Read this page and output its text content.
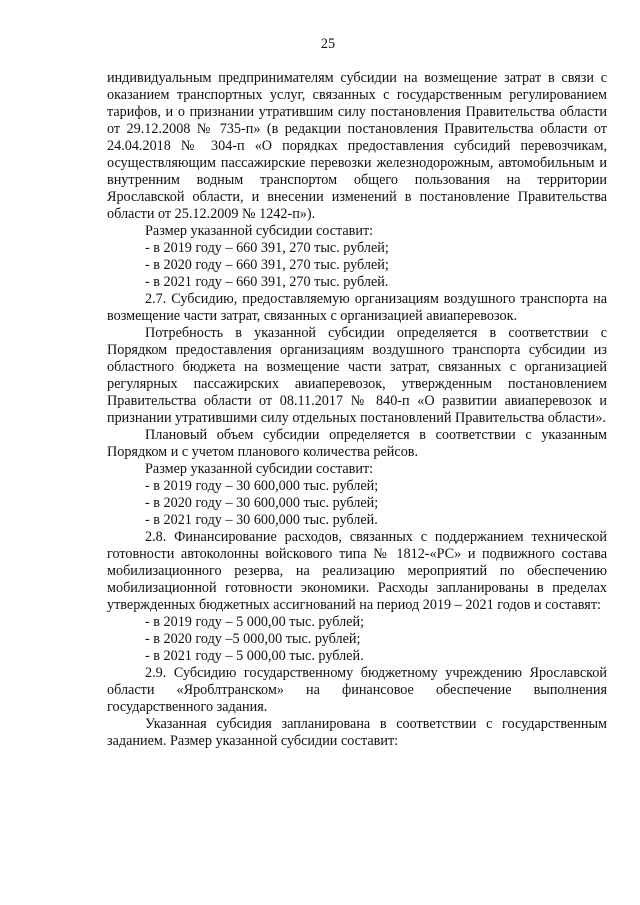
25

индивидуальным предпринимателям субсидии на возмещение затрат в связи с оказанием транспортных услуг, связанных с государственным регулированием тарифов, и о признании утратившим силу постановления Правительства области от 29.12.2008 № 735-п» (в редакции постановления Правительства области от 24.04.2018 № 304-п «О порядках предоставления субсидий перевозчикам, осуществляющим пассажирские перевозки железнодорожным, автомобильным и внутренним водным транспортом общего пользования на территории Ярославской области, и внесении изменений в постановление Правительства области от 25.12.2009 № 1242-п»).

Размер указанной субсидии составит:

- в 2019 году – 660 391, 270 тыс. рублей;

- в 2020 году – 660 391, 270 тыс. рублей;

- в 2021 году – 660 391, 270 тыс. рублей.

2.7. Субсидию, предоставляемую организациям воздушного транспорта на возмещение части затрат, связанных с организацией авиаперевозок.

Потребность в указанной субсидии определяется в соответствии с Порядком предоставления организациям воздушного транспорта субсидии из областного бюджета на возмещение части затрат, связанных с организацией регулярных пассажирских авиаперевозок, утвержденным постановлением Правительства области от 08.11.2017 № 840-п «О развитии авиаперевозок и признании утратившими силу отдельных постановлений Правительства области».

Плановый объем субсидии определяется в соответствии с указанным Порядком и с учетом планового количества рейсов.

Размер указанной субсидии составит:

- в 2019 году – 30 600,000 тыс. рублей;

- в 2020 году – 30 600,000 тыс. рублей;

- в 2021 году – 30 600,000 тыс. рублей.

2.8. Финансирование расходов, связанных с поддержанием технической готовности автоколонны войскового типа № 1812-«РС» и подвижного состава мобилизационного резерва, на реализацию мероприятий по обеспечению мобилизационной готовности экономики. Расходы запланированы в пределах утвержденных бюджетных ассигнований на период 2019 – 2021 годов и составят:

- в 2019 году – 5 000,00 тыс. рублей;

- в 2020 году –5 000,00 тыс. рублей;

- в 2021 году – 5 000,00 тыс. рублей.

2.9. Субсидию государственному бюджетному учреждению Ярославской области «Яроблтранском» на финансовое обеспечение выполнения государственного задания.

Указанная субсидия запланирована в соответствии с государственным заданием. Размер указанной субсидии составит:
